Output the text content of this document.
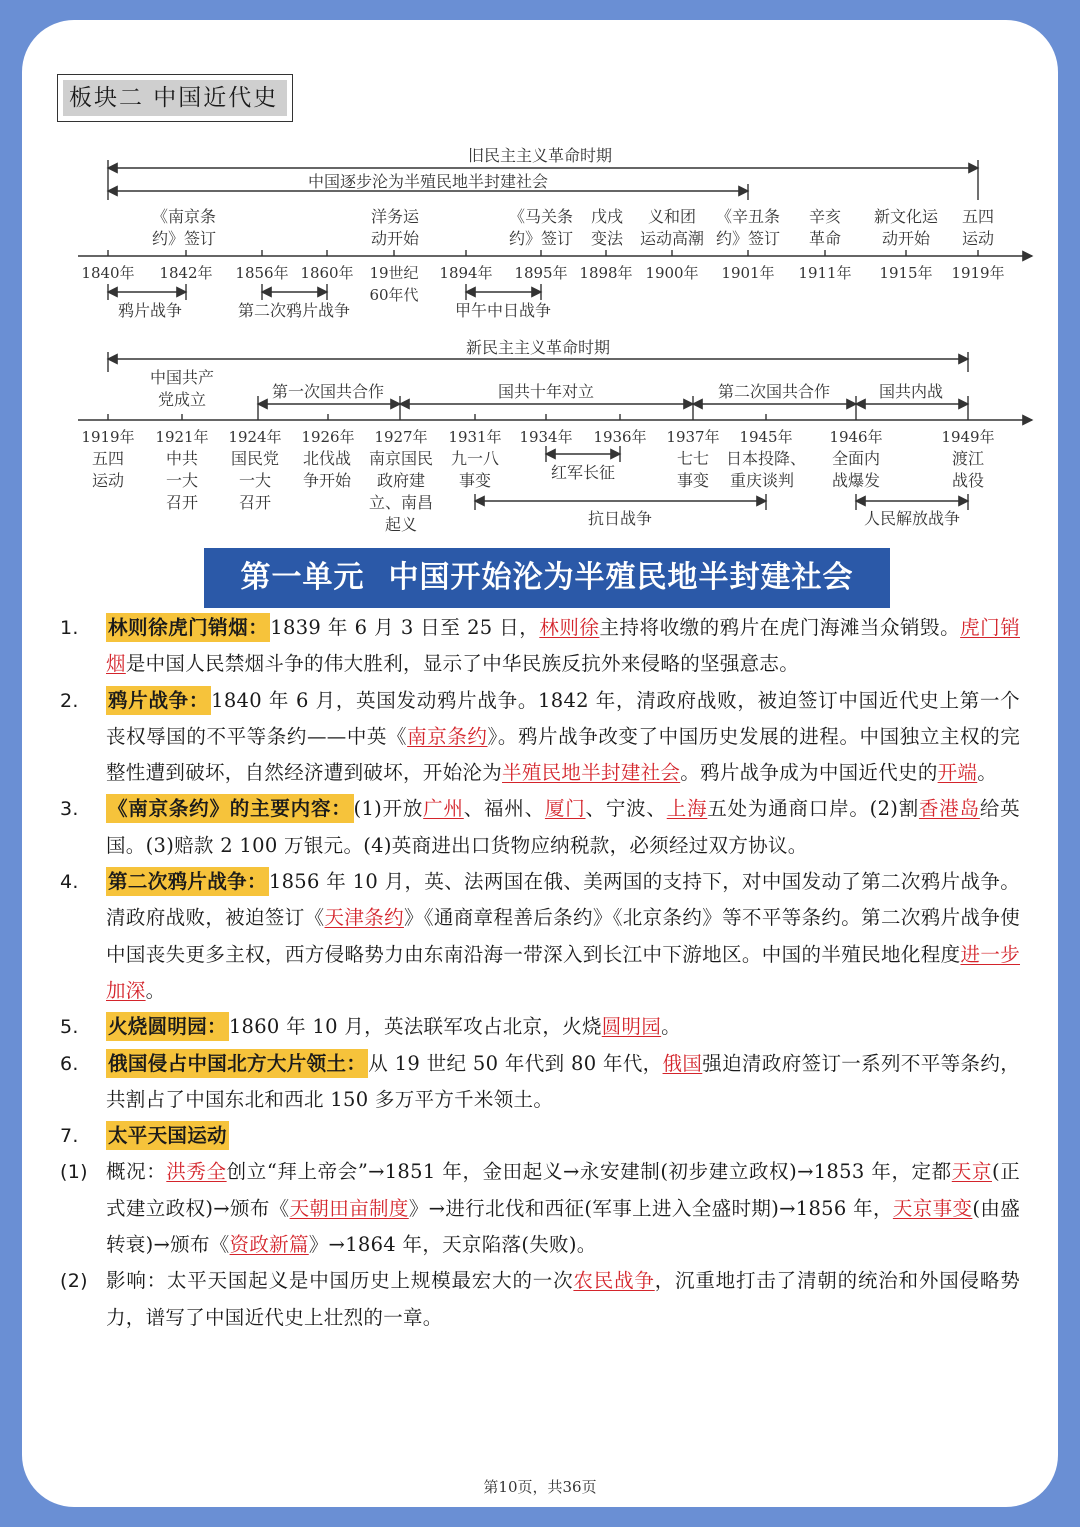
板块二 中国近代史
旧民主主义革命时期
中国逐步沦为半殖民地半封建社会
《南京条
约》签订
洋务运
动开始
《马关条
约》签订
戊戌
变法
义和团
运动高潮
《辛丑条
约》签订
辛亥
革命
新文化运
动开始
五四
运动
1840年 1842年 1856年 1860年 19世纪
60年代
1894年 1895年 1898年 1900年 1901年 1911年 1915年 1919年
鸦片战争	第二次鸦片战争	甲午中日战争
新民主主义革命时期
中国共产
党成立	第一次国共合作	国共十年对立	第二次国共合作	国共内战
1919年 1921年 1924年 1926年 1927年 1931年 1934年 1936年 1937年 1945年 1946年	1949年
五四
运动
中共
一大
召开
国民党
一大
召开
北伐战
争开始
南京国民
政府建
立、南昌
起义
九一八
事变	红军长征
七七
事变
日本投降、
重庆谈判
全面内
战爆发
渡江
战役
抗日战争	人民解放战争
第一单元 中国开始沦为半殖民地半封建社会
1.	林则徐虎门销烟： 1839 年 6 月 3 日至 25 日，林则徐主持将收缴的鸦片在虎门海滩当众销毁。虎门销烟是中国人民禁烟斗争的伟大胜利，显示了中华民族反抗外来侵略的坚强意志。
2.	鸦片战争： 1840 年 6 月，英国发动鸦片战争。1842 年，清政府战败，被迫签订中国近代史上第一个丧权辱国的不平等条约——中英《南京条约》。鸦片战争改变了中国历史发展的进程。中国独立主权的完整性遭到破坏，自然经济遭到破坏，开始沦为半殖民地半封建社会。鸦片战争成为中国近代史的开端。
3.	《南京条约》的主要内容： (1)开放广州、福州、厦门、宁波、上海五处为通商口岸。(2)割香港岛给英国。(3)赔款 2 100 万银元。(4)英商进出口货物应纳税款，必须经过双方协议。
4.	第二次鸦片战争： 1856 年 10 月，英、法两国在俄、美两国的支持下，对中国发动了第二次鸦片战争。清政府战败，被迫签订《天津条约》《通商章程善后条约》《北京条约》等不平等条约。第二次鸦片战争使中国丧失更多主权，西方侵略势力由东南沿海一带深入到长江中下游地区。中国的半殖民地化程度进一步加深。
5.	火烧圆明园： 1860 年 10 月，英法联军攻占北京，火烧圆明园。
6.	俄国侵占中国北方大片领土： 从 19 世纪 50 年代到 80 年代，俄国强迫清政府签订一系列不平等条约，共割占了中国东北和西北 150 多万平方千米领土。
7.	太平天国运动
(1) 概况：洪秀全创立“拜上帝会”→1851 年，金田起义→永安建制(初步建立政权)→1853 年，定都天京(正式建立政权)→颁布《天朝田亩制度》→进行北伐和西征(军事上进入全盛时期)→1856 年，天京事变(由盛转衰)→颁布《资政新篇》→1864 年，天京陷落(失败)。
(2) 影响：太平天国起义是中国历史上规模最宏大的一次农民战争，沉重地打击了清朝的统治和外国侵略势力，谱写了中国近代史上壮烈的一章。
第10页，共36页
